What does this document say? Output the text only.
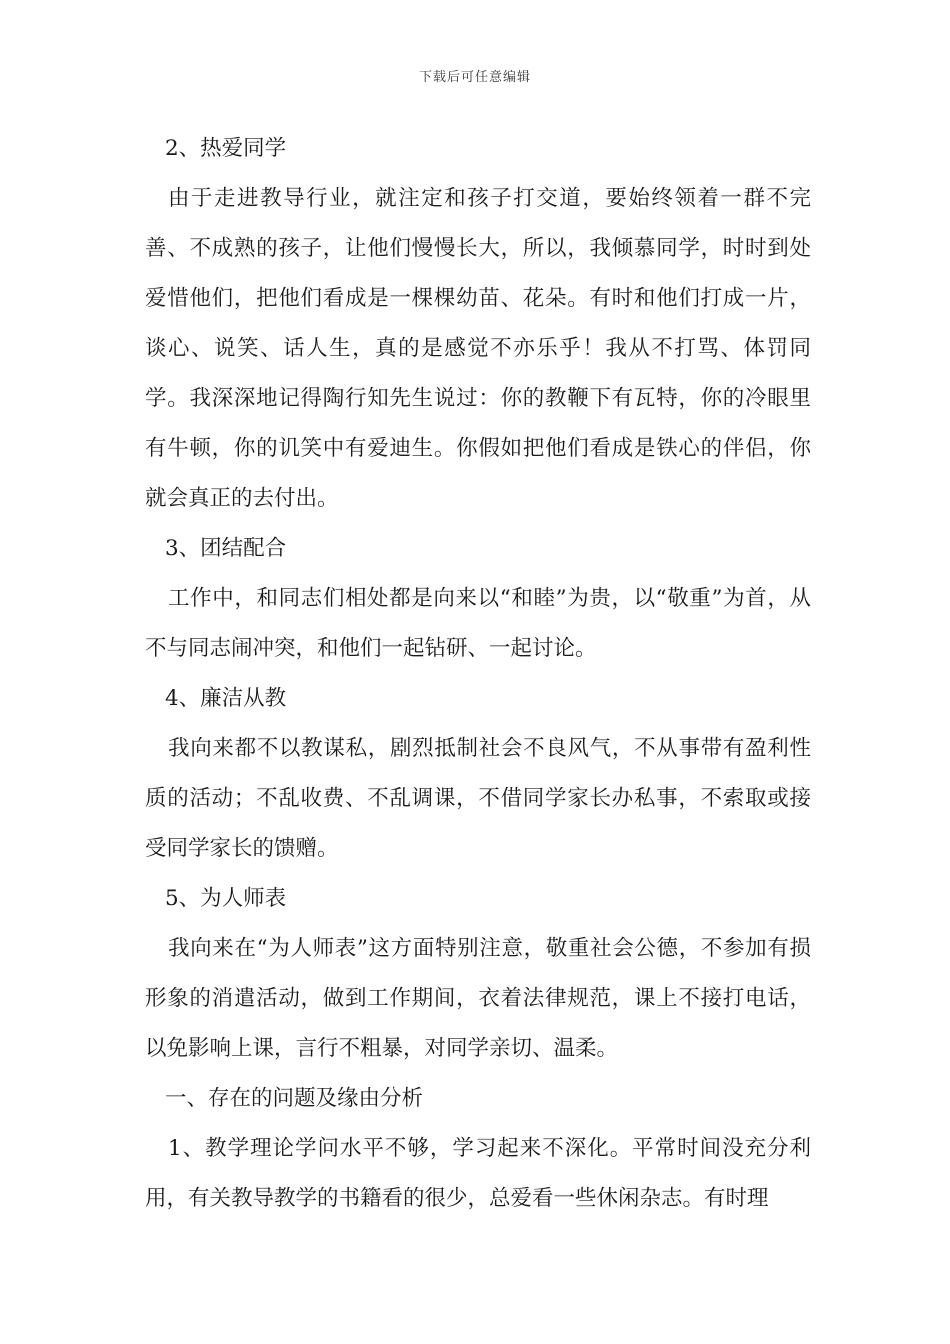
下载后可任意编辑

2、热爱同学

由于走进教导行业，就注定和孩子打交道，要始终领着一群不完善、不成熟的孩子，让他们慢慢长大，所以，我倾慕同学，时时到处爱惜他们，把他们看成是一棵棵幼苗、花朵。有时和他们打成一片，谈心、说笑、话人生，真的是感觉不亦乐乎！我从不打骂、体罚同学。我深深地记得陶行知先生说过：你的教鞭下有瓦特，你的冷眼里有牛顿，你的讥笑中有爱迪生。你假如把他们看成是铁心的伴侣，你就会真正的去付出。

3、团结配合

工作中，和同志们相处都是向来以“和睦”为贵，以“敬重”为首，从不与同志闹冲突，和他们一起钻研、一起讨论。

4、廉洁从教

我向来都不以教谋私，剧烈抵制社会不良风气，不从事带有盈利性质的活动；不乱收费、不乱调课，不借同学家长办私事，不索取或接受同学家长的馈赠。

5、为人师表

我向来在“为人师表”这方面特别注意，敬重社会公德，不参加有损形象的消遣活动，做到工作期间，衣着法律规范，课上不接打电话，以免影响上课，言行不粗暴，对同学亲切、温柔。

一、存在的问题及缘由分析

1、教学理论学问水平不够，学习起来不深化。平常时间没充分利用，有关教导教学的书籍看的很少，总爱看一些休闲杂志。有时理
